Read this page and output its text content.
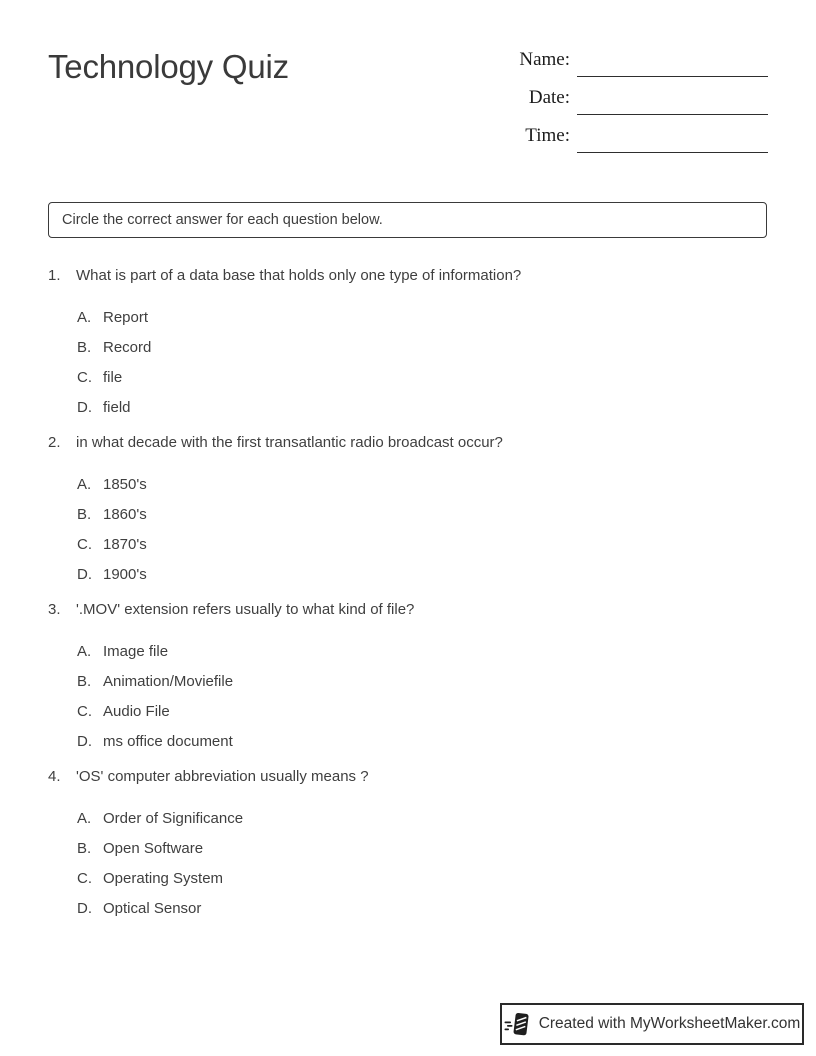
Technology Quiz	Name:
Date:
Time:
Circle the correct answer for each question below.
1.	What is part of a data base that holds only one type of information?
A. Report
B. Record
C. file
D. field
2.	in what decade with the first transatlantic radio broadcast occur?
A. 1850's
B. 1860's
C. 1870's
D. 1900's
3.	'.MOV' extension refers usually to what kind of file?
A. Image file
B. Animation/Moviefile
C. Audio File
D. ms office document
4.	'OS' computer abbreviation usually means ?
A. Order of Significance
B. Open Software
C. Operating System
D. Optical Sensor
Created with MyWorksheetMaker.com
